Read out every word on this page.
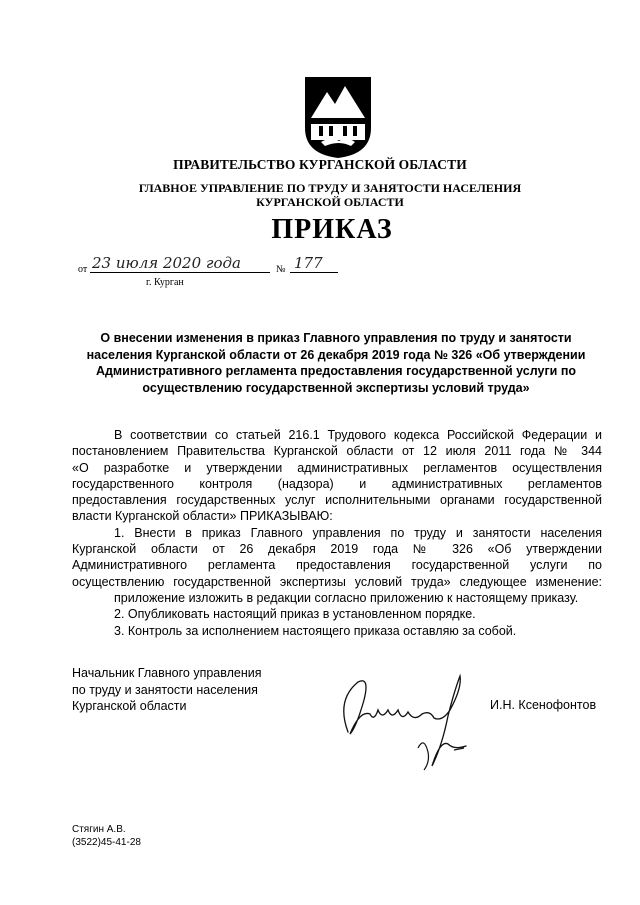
ПРАВИТЕЛЬСТВО КУРГАНСКОЙ ОБЛАСТИ
ГЛАВНОЕ УПРАВЛЕНИЕ ПО ТРУДУ И ЗАНЯТОСТИ НАСЕЛЕНИЯ
КУРГАНСКОЙ ОБЛАСТИ
ПРИКАЗ
от 23 июля 2020 года	№ 177
г. Курган
О внесении изменения в приказ Главного управления по труду и занятости
населения Курганской области от 26 декабря 2019 года № 326 «Об утверждении
Административного регламента предоставления государственной услуги по
осуществлению государственной экспертизы условий труда»
В соответствии со статьей 216.1 Трудового кодекса Российской Федерации и
постановлением Правительства Курганской области от 12 июля 2011 года № 344
«О разработке и утверждении административных регламентов осуществления
государственного контроля (надзора) и административных регламентов
предоставления государственных услуг исполнительными органами государственной
власти Курганской области» ПРИКАЗЫВАЮ:
1. Внести в приказ Главного управления по труду и занятости населения
Курганской области от 26 декабря 2019 года № 326 «Об утверждении
Административного регламента предоставления государственной услуги по
осуществлению государственной экспертизы условий труда» следующее изменение:
приложение изложить в редакции согласно приложению к настоящему приказу.
2. Опубликовать настоящий приказ в установленном порядке.
3. Контроль за исполнением настоящего приказа оставляю за собой.
Начальник Главного управления
по труду и занятости населения
Курганской области	И.Н. Ксенофонтов
Стягин А.В.
(3522)45-41-28
